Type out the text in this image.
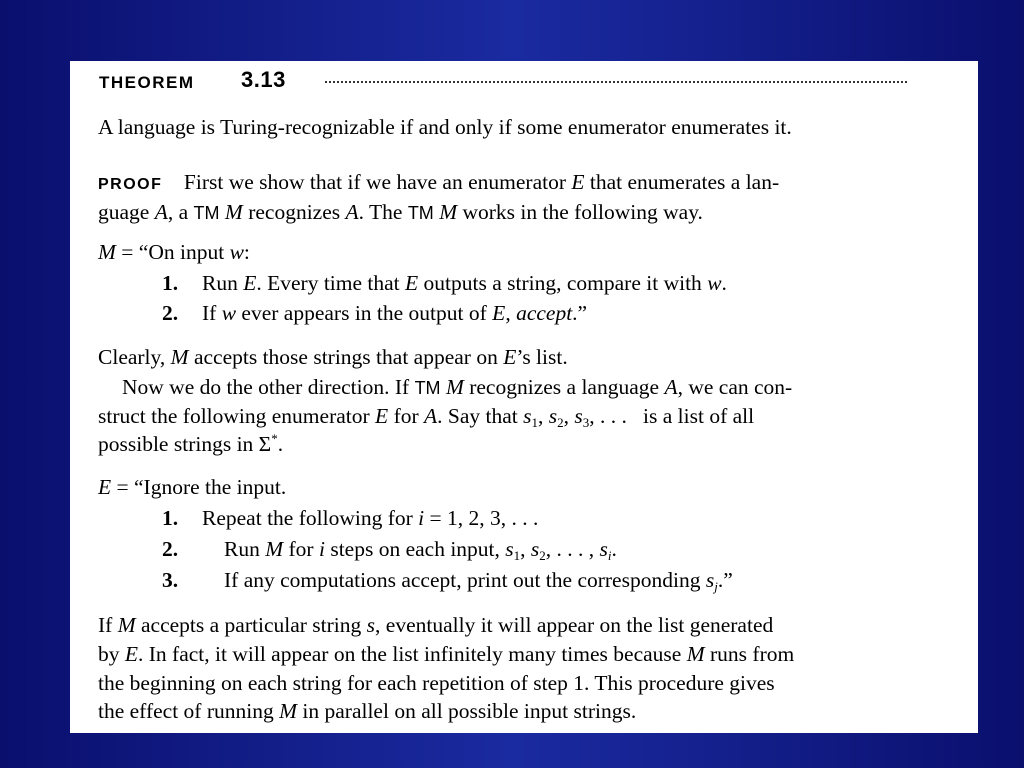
THEOREM 3.13
A language is Turing-recognizable if and only if some enumerator enumerates it.
PROOF First we show that if we have an enumerator E that enumerates a lan-
guage A, a TM M recognizes A. The TM M works in the following way.
M = “On input w:
1. Run E. Every time that E outputs a string, compare it with w.
2. If w ever appears in the output of E, accept.”
Clearly, M accepts those strings that appear on E’s list.
Now we do the other direction. If TM M recognizes a language A, we can con-
struct the following enumerator E for A. Say that $s_1$, $s_2$, $s_3$, . . .   is a list of all
possible strings in Σ*.
E = “Ignore the input.
1. Repeat the following for i = 1, 2, 3, . . .
2. Run M for i steps on each input, $s_1$, $s_2$, . . . , $s_i$.
3. If any computations accept, print out the corresponding $s_j$.”
If M accepts a particular string s, eventually it will appear on the list generated
by E. In fact, it will appear on the list infinitely many times because M runs from
the beginning on each string for each repetition of step 1. This procedure gives
the effect of running M in parallel on all possible input strings.
